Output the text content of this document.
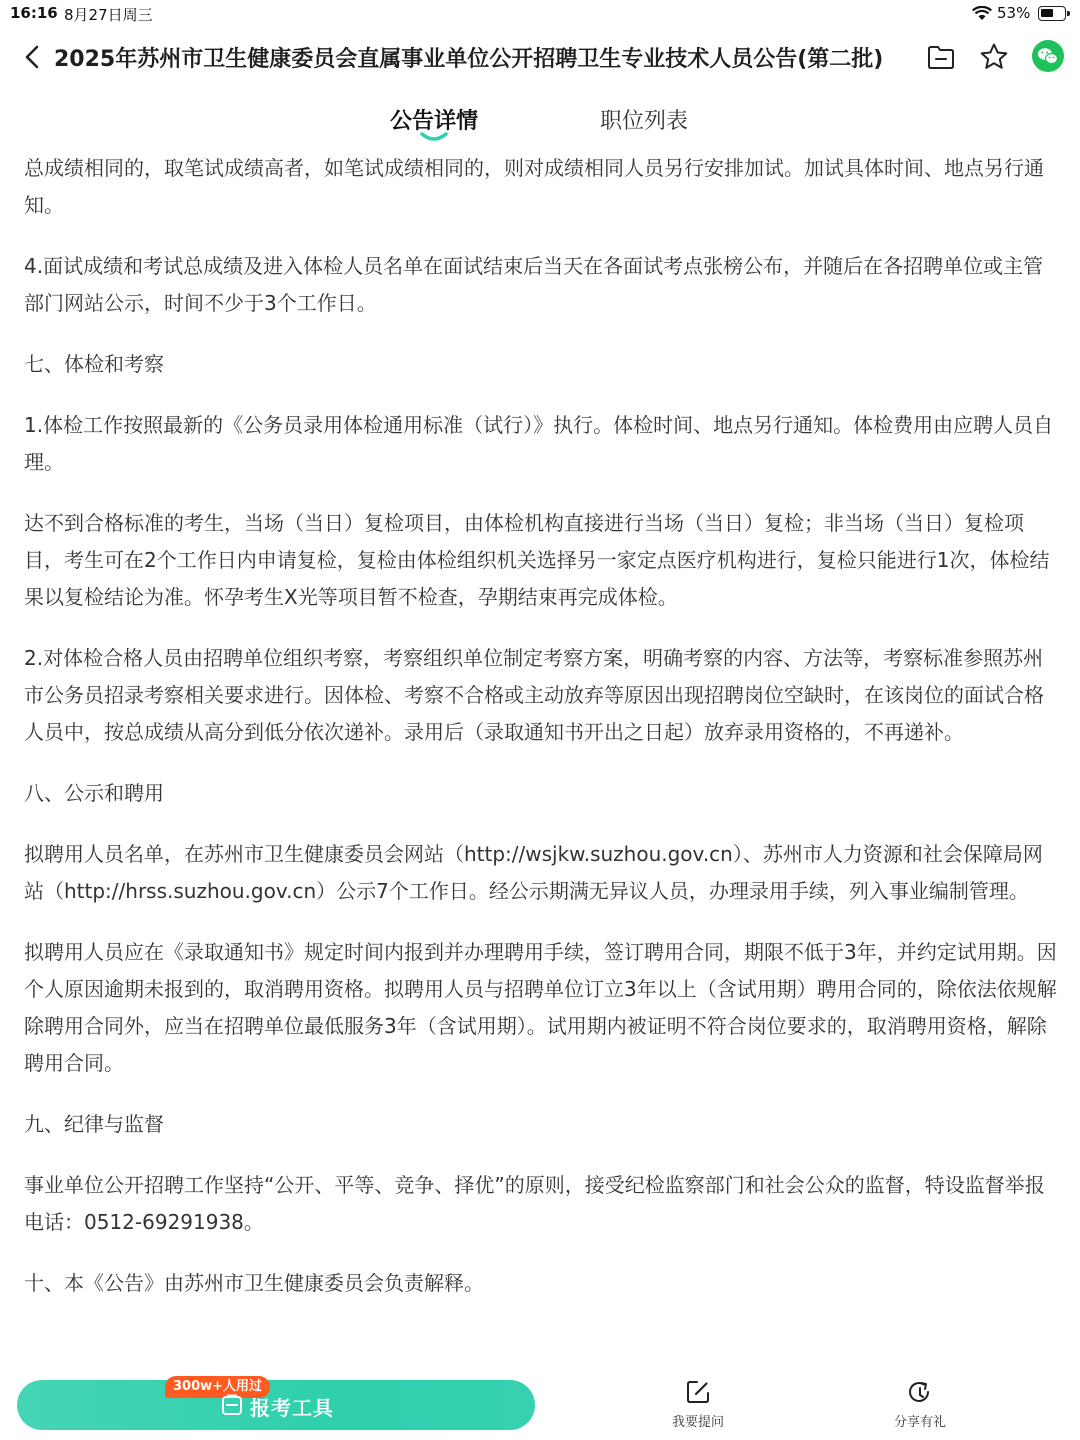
16:16 8月27日周三	53%
2025年苏州市卫生健康委员会直属事业单位公开招聘卫生专业技术人员公告(第二批)
公告详情	职位列表

总成绩相同的，取笔试成绩高者，如笔试成绩相同的，则对成绩相同人员另行安排加试。加试具体时间、地点另行通知。

4.面试成绩和考试总成绩及进入体检人员名单在面试结束后当天在各面试考点张榜公布，并随后在各招聘单位或主管部门网站公示，时间不少于3个工作日。

七、体检和考察

1.体检工作按照最新的《公务员录用体检通用标准（试行）》执行。体检时间、地点另行通知。体检费用由应聘人员自理。

达不到合格标准的考生，当场（当日）复检项目，由体检机构直接进行当场（当日）复检；非当场（当日）复检项目，考生可在2个工作日内申请复检，复检由体检组织机关选择另一家定点医疗机构进行，复检只能进行1次，体检结果以复检结论为准。怀孕考生X光等项目暂不检查，孕期结束再完成体检。

2.对体检合格人员由招聘单位组织考察，考察组织单位制定考察方案，明确考察的内容、方法等，考察标准参照苏州市公务员招录考察相关要求进行。因体检、考察不合格或主动放弃等原因出现招聘岗位空缺时，在该岗位的面试合格人员中，按总成绩从高分到低分依次递补。录用后（录取通知书开出之日起）放弃录用资格的，不再递补。

八、公示和聘用

拟聘用人员名单，在苏州市卫生健康委员会网站（http://wsjkw.suzhou.gov.cn）、苏州市人力资源和社会保障局网站（http://hrss.suzhou.gov.cn）公示7个工作日。经公示期满无异议人员，办理录用手续，列入事业编制管理。

拟聘用人员应在《录取通知书》规定时间内报到并办理聘用手续，签订聘用合同，期限不低于3年，并约定试用期。因个人原因逾期未报到的，取消聘用资格。拟聘用人员与招聘单位订立3年以上（含试用期）聘用合同的，除依法依规解除聘用合同外，应当在招聘单位最低服务3年（含试用期）。试用期内被证明不符合岗位要求的，取消聘用资格，解除聘用合同。

九、纪律与监督

事业单位公开招聘工作坚持“公开、平等、竞争、择优”的原则，接受纪检监察部门和社会公众的监督，特设监督举报电话：0512-69291938。

十、本《公告》由苏州市卫生健康委员会负责解释。

300w+人用过
报考工具
我要提问	分享有礼
